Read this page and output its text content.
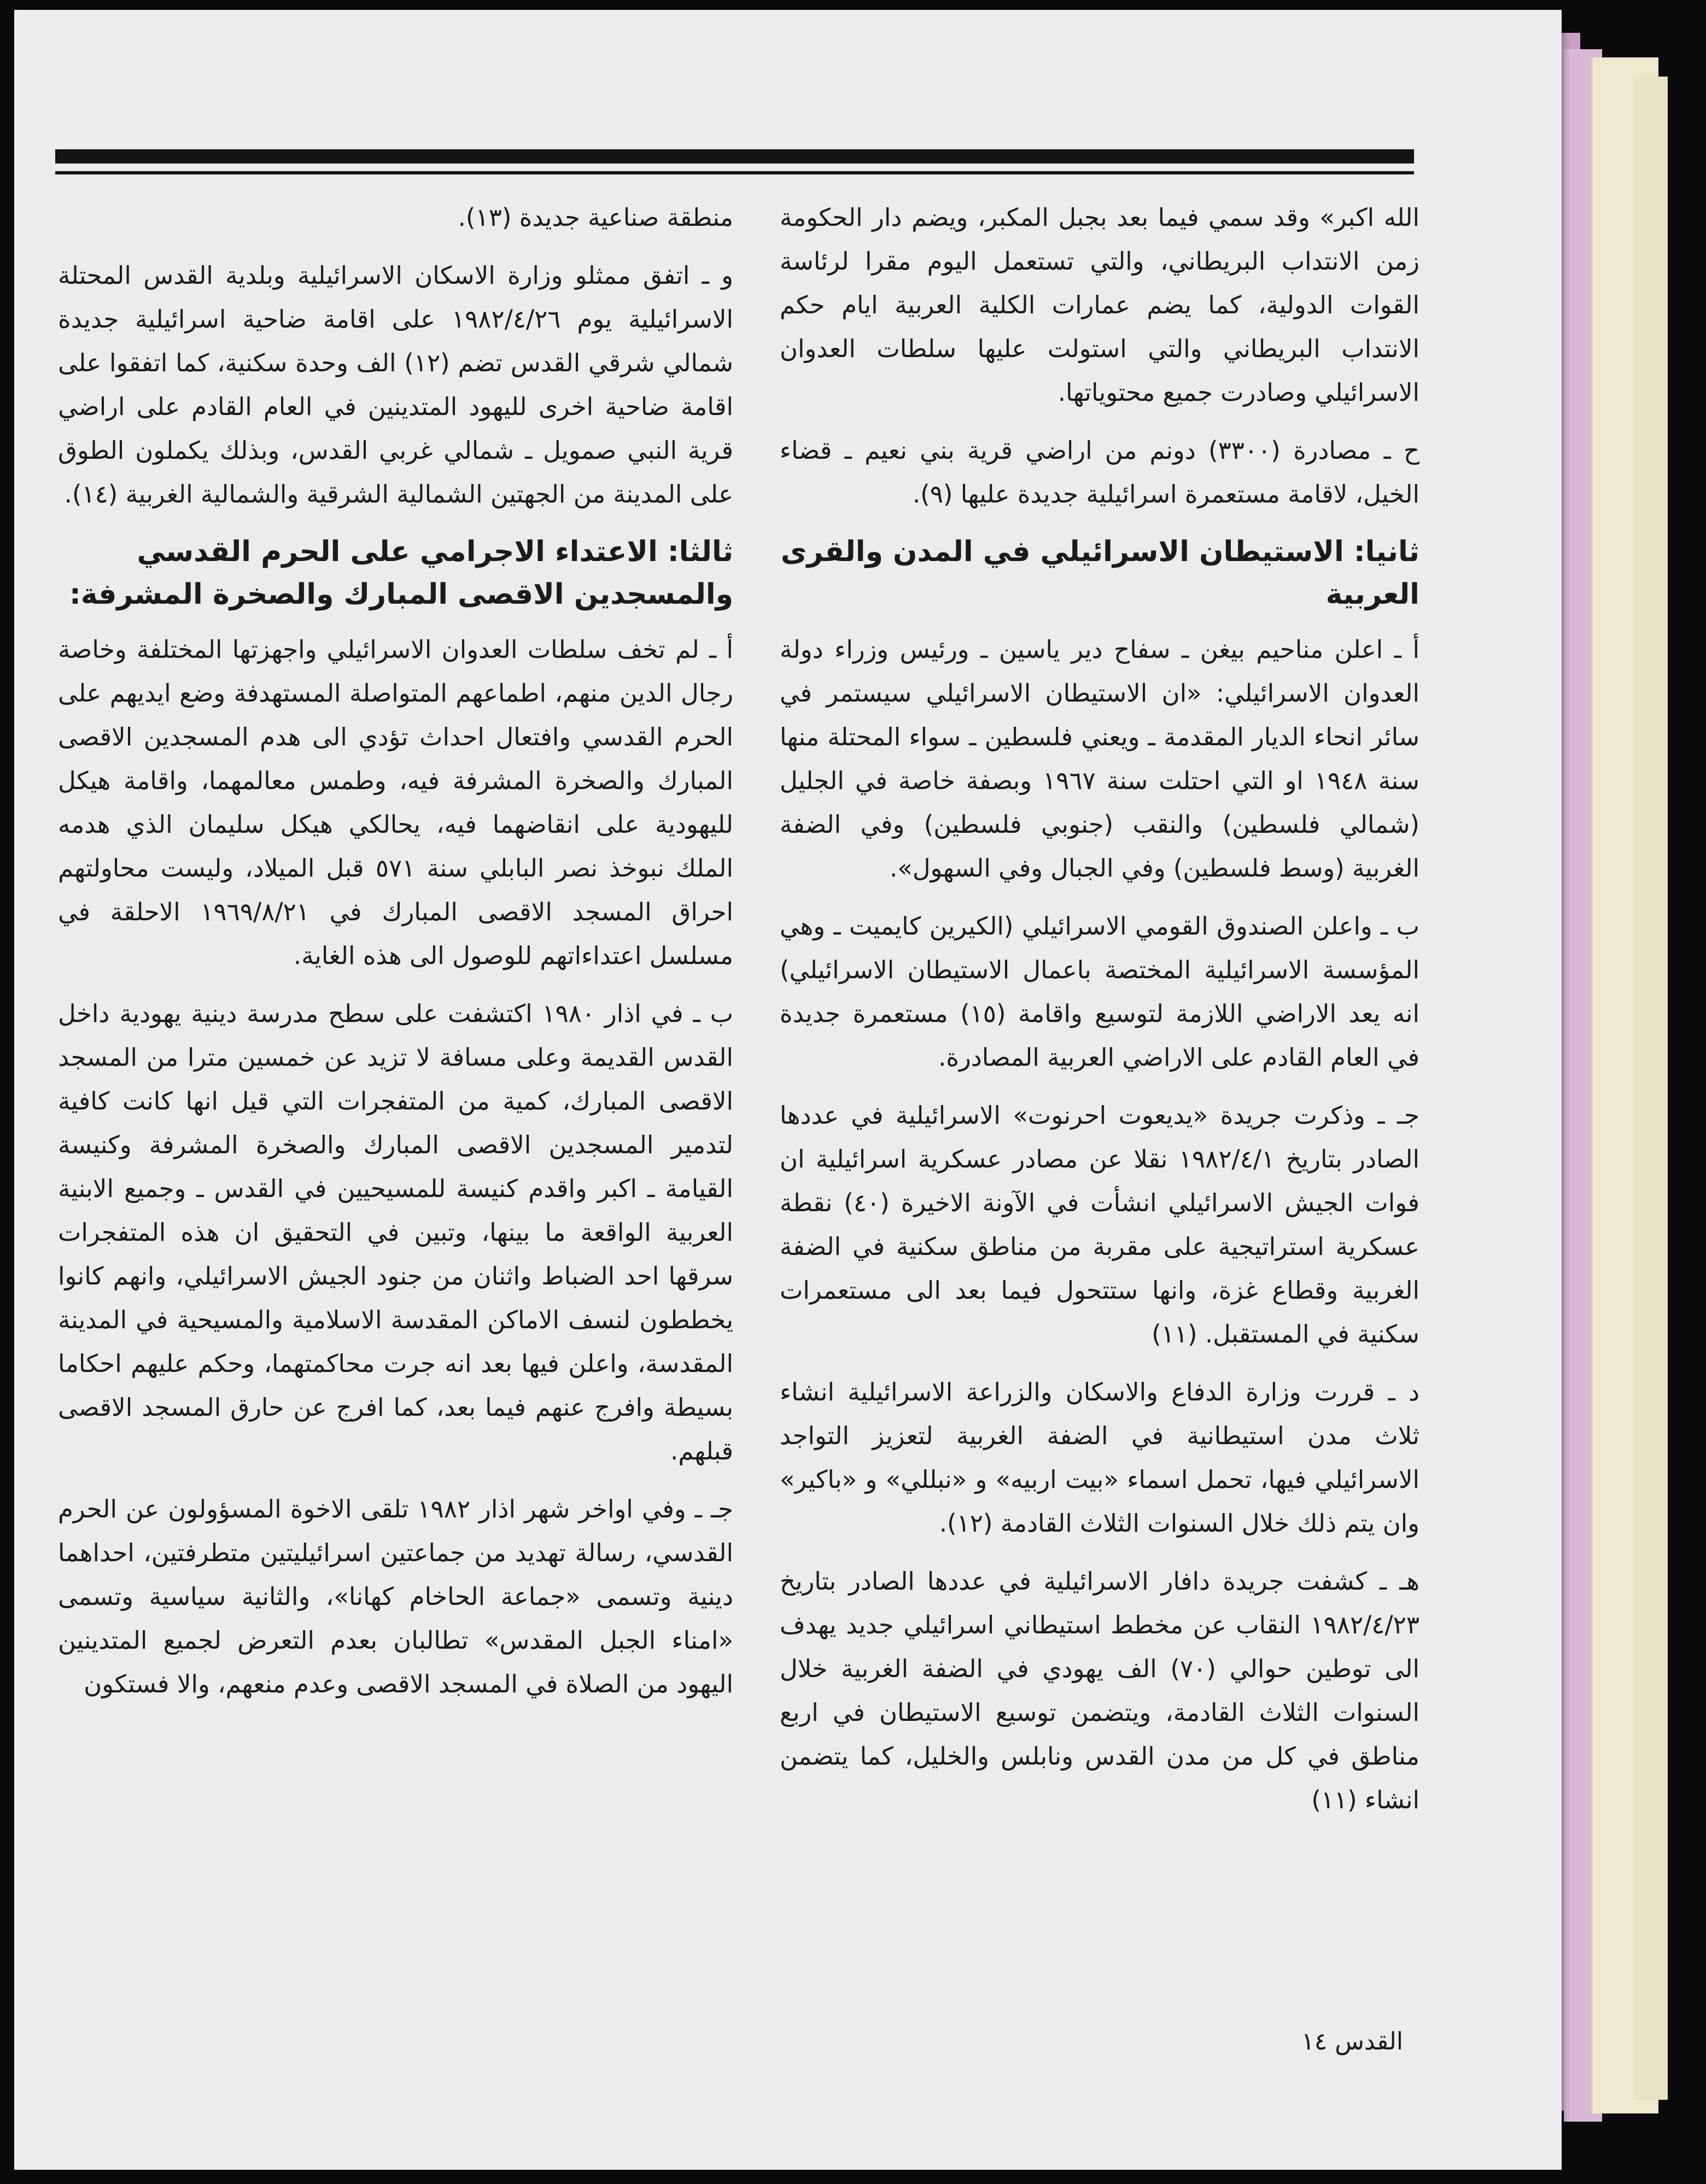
الله اكبر» وقد سمي فيما بعد بجبل المكبر، ويضم دار الحكومة زمن الانتداب البريطاني، والتي تستعمل اليوم مقرا لرئاسة القوات الدولية، كما يضم عمارات الكلية العربية ايام حكم الانتداب البريطاني والتي استولت عليها سلطات العدوان الاسرائيلي وصادرت جميع محتوياتها.

ح ـ مصادرة (٣٣٠٠) دونم من اراضي قرية بني نعيم ـ قضاء الخيل، لاقامة مستعمرة اسرائيلية جديدة عليها (٩).

ثانيا: الاستيطان الاسرائيلي في المدن والقرى العربية

أ ـ اعلن مناحيم بيغن ـ سفاح دير ياسين ـ ورئيس وزراء دولة العدوان الاسرائيلي: «ان الاستيطان الاسرائيلي سيستمر في سائر انحاء الديار المقدمة ـ ويعني فلسطين ـ سواء المحتلة منها سنة ١٩٤٨ او التي احتلت سنة ١٩٦٧ وبصفة خاصة في الجليل (شمالي فلسطين) والنقب (جنوبي فلسطين) وفي الضفة الغربية (وسط فلسطين) وفي الجبال وفي السهول».

ب ـ واعلن الصندوق القومي الاسرائيلي (الكيرين كايميت ـ وهي المؤسسة الاسرائيلية المختصة باعمال الاستيطان الاسرائيلي) انه يعد الاراضي اللازمة لتوسيع واقامة (١٥) مستعمرة جديدة في العام القادم على الاراضي العربية المصادرة.

جـ ـ وذكرت جريدة «يديعوت احرنوت» الاسرائيلية في عددها الصادر بتاريخ ١٩٨٢/٤/١ نقلا عن مصادر عسكرية اسرائيلية ان فوات الجيش الاسرائيلي انشأت في الآونة الاخيرة (٤٠) نقطة عسكرية استراتيجية على مقربة من مناطق سكنية في الضفة الغربية وقطاع غزة، وانها ستتحول فيما بعد الى مستعمرات سكنية في المستقبل. (١١)

د ـ قررت وزارة الدفاع والاسكان والزراعة الاسرائيلية انشاء ثلاث مدن استيطانية في الضفة الغربية لتعزيز التواجد الاسرائيلي فيها، تحمل اسماء «بيت اربيه» و «نبللي» و «باكير» وان يتم ذلك خلال السنوات الثلاث القادمة (١٢).

هـ ـ كشفت جريدة دافار الاسرائيلية في عددها الصادر بتاريخ ١٩٨٢/٤/٢٣ النقاب عن مخطط استيطاني اسرائيلي جديد يهدف الى توطين حوالي (٧٠) الف يهودي في الضفة الغربية خلال السنوات الثلاث القادمة، ويتضمن توسيع الاستيطان في اربع مناطق في كل من مدن القدس ونابلس والخليل، كما يتضمن انشاء (١١)

منطقة صناعية جديدة (١٣).

و ـ اتفق ممثلو وزارة الاسكان الاسرائيلية وبلدية القدس المحتلة الاسرائيلية يوم ١٩٨٢/٤/٢٦ على اقامة ضاحية اسرائيلية جديدة شمالي شرقي القدس تضم (١٢) الف وحدة سكنية، كما اتفقوا على اقامة ضاحية اخرى لليهود المتدينين في العام القادم على اراضي قرية النبي صمويل ـ شمالي غربي القدس، وبذلك يكملون الطوق على المدينة من الجهتين الشمالية الشرقية والشمالية الغربية (١٤).

ثالثا: الاعتداء الاجرامي على الحرم القدسي والمسجدين الاقصى المبارك والصخرة المشرفة:

أ ـ لم تخف سلطات العدوان الاسرائيلي واجهزتها المختلفة وخاصة رجال الدين منهم، اطماعهم المتواصلة المستهدفة وضع ايديهم على الحرم القدسي وافتعال احداث تؤدي الى هدم المسجدين الاقصى المبارك والصخرة المشرفة فيه، وطمس معالمهما، واقامة هيكل لليهودية على انقاضهما فيه، يحالكي هيكل سليمان الذي هدمه الملك نبوخذ نصر البابلي سنة ٥٧١ قبل الميلاد، وليست محاولتهم احراق المسجد الاقصى المبارك في ١٩٦٩/٨/٢١ الاحلقة في مسلسل اعتداءاتهم للوصول الى هذه الغاية.

ب ـ في اذار ١٩٨٠ اكتشفت على سطح مدرسة دينية يهودية داخل القدس القديمة وعلى مسافة لا تزيد عن خمسين مترا من المسجد الاقصى المبارك، كمية من المتفجرات التي قيل انها كانت كافية لتدمير المسجدين الاقصى المبارك والصخرة المشرفة وكنيسة القيامة ـ اكبر واقدم كنيسة للمسيحيين في القدس ـ وجميع الابنية العربية الواقعة ما بينها، وتبين في التحقيق ان هذه المتفجرات سرقها احد الضباط واثنان من جنود الجيش الاسرائيلي، وانهم كانوا يخططون لنسف الاماكن المقدسة الاسلامية والمسيحية في المدينة المقدسة، واعلن فيها بعد انه جرت محاكمتهما، وحكم عليهم احكاما بسيطة وافرج عنهم فيما بعد، كما افرج عن حارق المسجد الاقصى قبلهم.

جـ ـ وفي اواخر شهر اذار ١٩٨٢ تلقى الاخوة المسؤولون عن الحرم القدسي، رسالة تهديد من جماعتين اسرائيليتين متطرفتين، احداهما دينية وتسمى «جماعة الحاخام كهانا»، والثانية سياسية وتسمى «امناء الجبل المقدس» تطالبان بعدم التعرض لجميع المتدينين اليهود من الصلاة في المسجد الاقصى وعدم منعهم، والا فستكون

القدس ١٤
